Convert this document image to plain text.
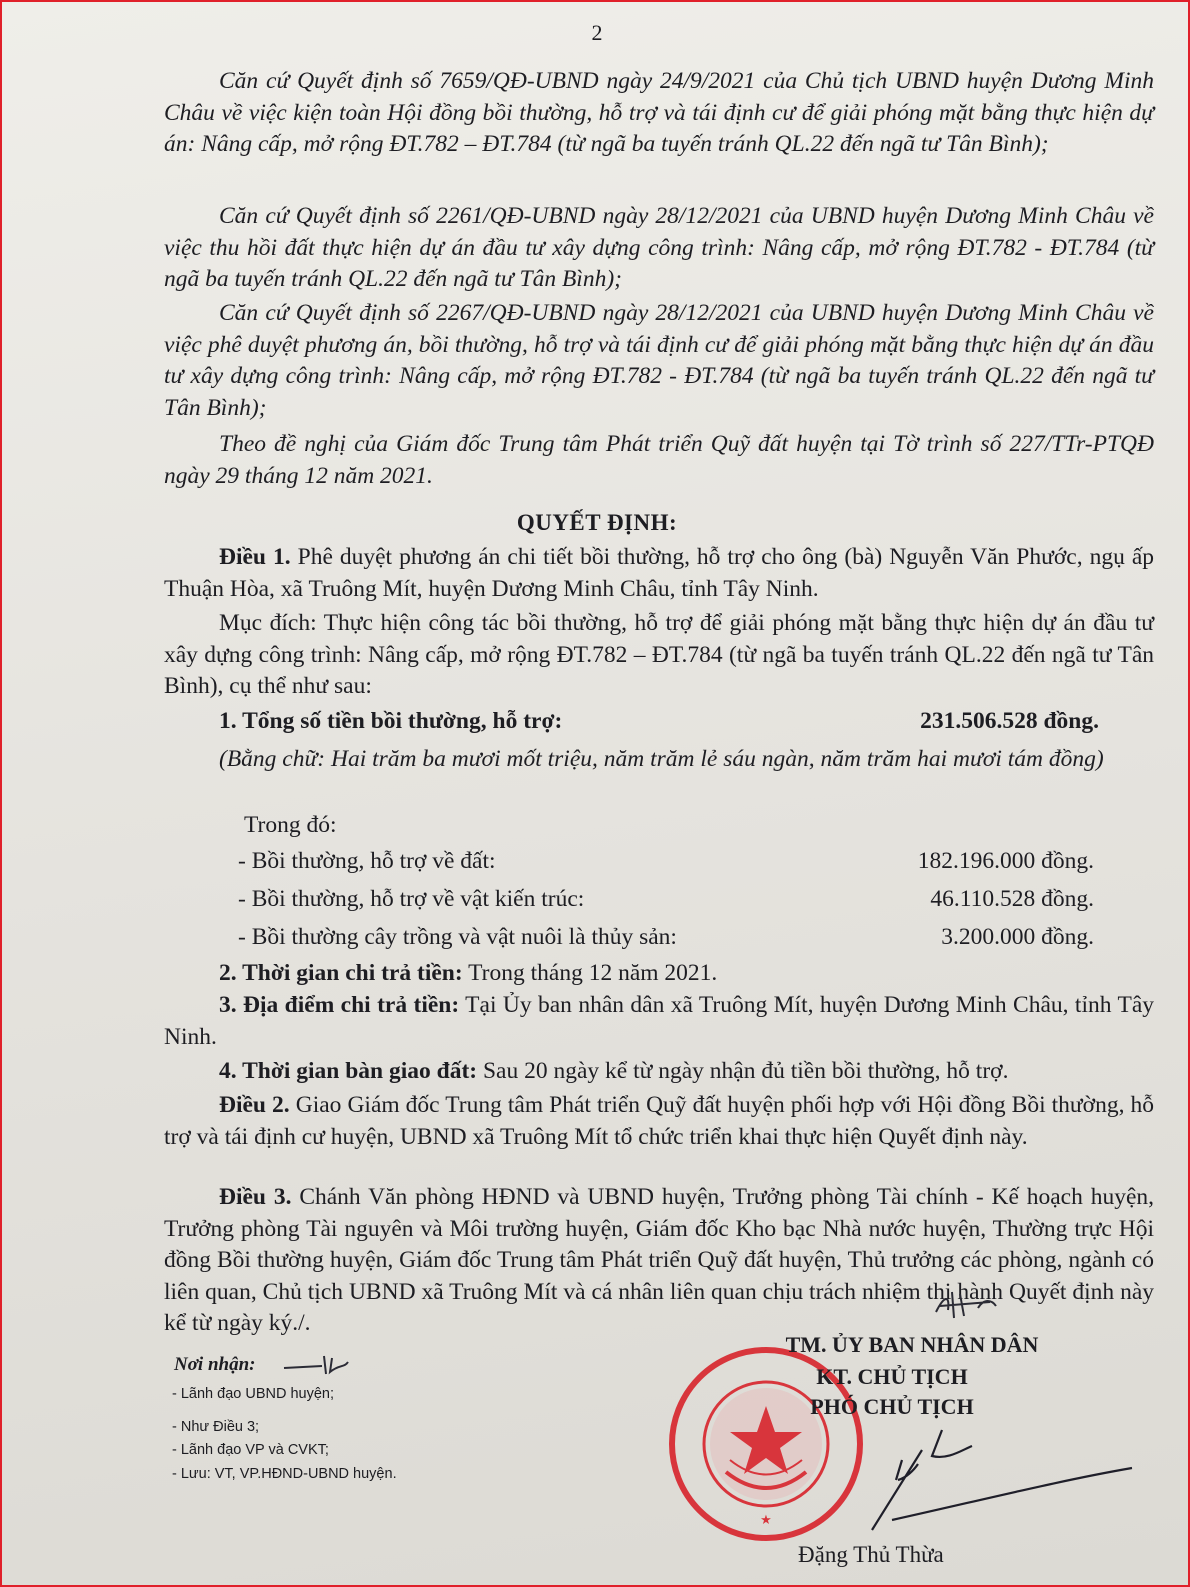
2

Căn cứ Quyết định số 7659/QĐ-UBND ngày 24/9/2021 của Chủ tịch UBND huyện Dương Minh Châu về việc kiện toàn Hội đồng bồi thường, hỗ trợ và tái định cư để giải phóng mặt bằng thực hiện dự án: Nâng cấp, mở rộng ĐT.782 – ĐT.784 (từ ngã ba tuyến tránh QL.22 đến ngã tư Tân Bình);

Căn cứ Quyết định số 2261/QĐ-UBND ngày 28/12/2021 của UBND huyện Dương Minh Châu về việc thu hồi đất thực hiện dự án đầu tư xây dựng công trình: Nâng cấp, mở rộng ĐT.782 - ĐT.784 (từ ngã ba tuyến tránh QL.22 đến ngã tư Tân Bình);

Căn cứ Quyết định số 2267/QĐ-UBND ngày 28/12/2021 của UBND huyện Dương Minh Châu về việc phê duyệt phương án, bồi thường, hỗ trợ và tái định cư để giải phóng mặt bằng thực hiện dự án đầu tư xây dựng công trình: Nâng cấp, mở rộng ĐT.782 - ĐT.784 (từ ngã ba tuyến tránh QL.22 đến ngã tư Tân Bình);

Theo đề nghị của Giám đốc Trung tâm Phát triển Quỹ đất huyện tại Tờ trình số 227/TTr-PTQĐ ngày 29 tháng 12 năm 2021.

QUYẾT ĐỊNH:

Điều 1. Phê duyệt phương án chi tiết bồi thường, hỗ trợ cho ông (bà) Nguyễn Văn Phước, ngụ ấp Thuận Hòa, xã Truông Mít, huyện Dương Minh Châu, tỉnh Tây Ninh.

Mục đích: Thực hiện công tác bồi thường, hỗ trợ để giải phóng mặt bằng thực hiện dự án đầu tư xây dựng công trình: Nâng cấp, mở rộng ĐT.782 – ĐT.784 (từ ngã ba tuyến tránh QL.22 đến ngã tư Tân Bình), cụ thể như sau:

1. Tổng số tiền bồi thường, hỗ trợ:	231.506.528 đồng.

(Bằng chữ: Hai trăm ba mươi mốt triệu, năm trăm lẻ sáu ngàn, năm trăm hai mươi tám đồng)

Trong đó:
- Bồi thường, hỗ trợ về đất:	182.196.000 đồng.
- Bồi thường, hỗ trợ về vật kiến trúc:	46.110.528 đồng.
- Bồi thường cây trồng và vật nuôi là thủy sản:	3.200.000 đồng.

2. Thời gian chi trả tiền: Trong tháng 12 năm 2021.

3. Địa điểm chi trả tiền: Tại Ủy ban nhân dân xã Truông Mít, huyện Dương Minh Châu, tỉnh Tây Ninh.

4. Thời gian bàn giao đất: Sau 20 ngày kể từ ngày nhận đủ tiền bồi thường, hỗ trợ.

Điều 2. Giao Giám đốc Trung tâm Phát triển Quỹ đất huyện phối hợp với Hội đồng Bồi thường, hỗ trợ và tái định cư huyện, UBND xã Truông Mít tổ chức triển khai thực hiện Quyết định này.

Điều 3. Chánh Văn phòng HĐND và UBND huyện, Trưởng phòng Tài chính - Kế hoạch huyện, Trưởng phòng Tài nguyên và Môi trường huyện, Giám đốc Kho bạc Nhà nước huyện, Thường trực Hội đồng Bồi thường huyện, Giám đốc Trung tâm Phát triển Quỹ đất huyện, Thủ trưởng các phòng, ngành có liên quan, Chủ tịch UBND xã Truông Mít và cá nhân liên quan chịu trách nhiệm thi hành Quyết định này kể từ ngày ký./.

Nơi nhận:
- Lãnh đạo UBND huyện;
- Như Điều 3;
- Lãnh đạo VP và CVKT;
- Lưu: VT, VP.HĐND-UBND huyện.
★
TM. ỦY BAN NHÂN DÂN
KT. CHỦ TỊCH
PHÓ CHỦ TỊCH
Đặng Thủ Thừa
